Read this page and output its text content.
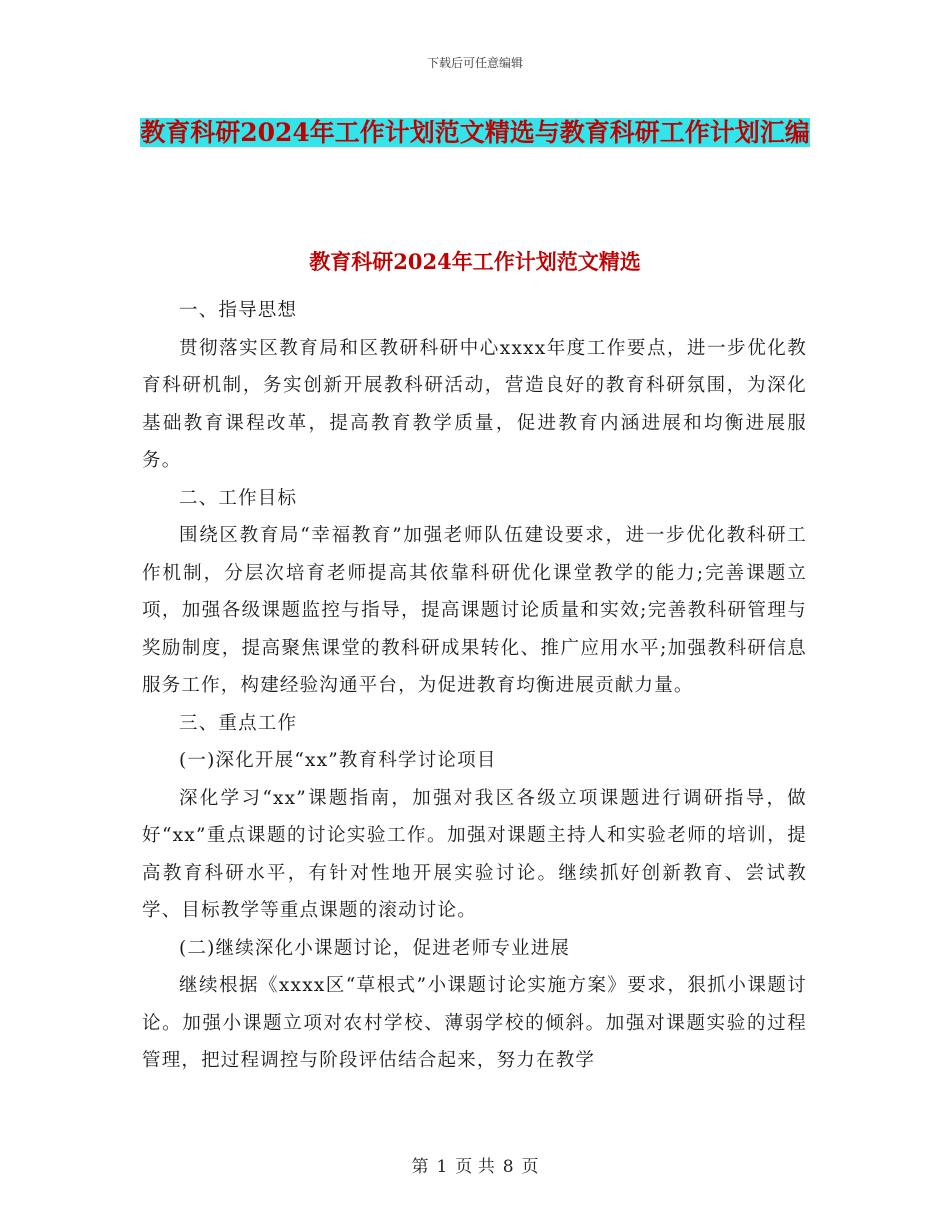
下载后可任意编辑
教育科研2024年工作计划范文精选与教育科研工作计划汇编
教育科研2024年工作计划范文精选

一、指导思想

贯彻落实区教育局和区教研科研中心xxxx年度工作要点，进一步优化教育科研机制，务实创新开展教科研活动，营造良好的教育科研氛围，为深化基础教育课程改革，提高教育教学质量，促进教育内涵进展和均衡进展服务。

二、工作目标

围绕区教育局“幸福教育”加强老师队伍建设要求，进一步优化教科研工作机制，分层次培育老师提高其依靠科研优化课堂教学的能力;完善课题立项，加强各级课题监控与指导，提高课题讨论质量和实效;完善教科研管理与奖励制度，提高聚焦课堂的教科研成果转化、推广应用水平;加强教科研信息服务工作，构建经验沟通平台，为促进教育均衡进展贡献力量。

三、重点工作

(一)深化开展“xx”教育科学讨论项目

深化学习“xx”课题指南，加强对我区各级立项课题进行调研指导，做好“xx”重点课题的讨论实验工作。加强对课题主持人和实验老师的培训，提高教育科研水平，有针对性地开展实验讨论。继续抓好创新教育、尝试教学、目标教学等重点课题的滚动讨论。

(二)继续深化小课题讨论，促进老师专业进展

继续根据《xxxx区“草根式”小课题讨论实施方案》要求，狠抓小课题讨论。加强小课题立项对农村学校、薄弱学校的倾斜。加强对课题实验的过程管理，把过程调控与阶段评估结合起来，努力在教学

第 1 页 共 8 页
